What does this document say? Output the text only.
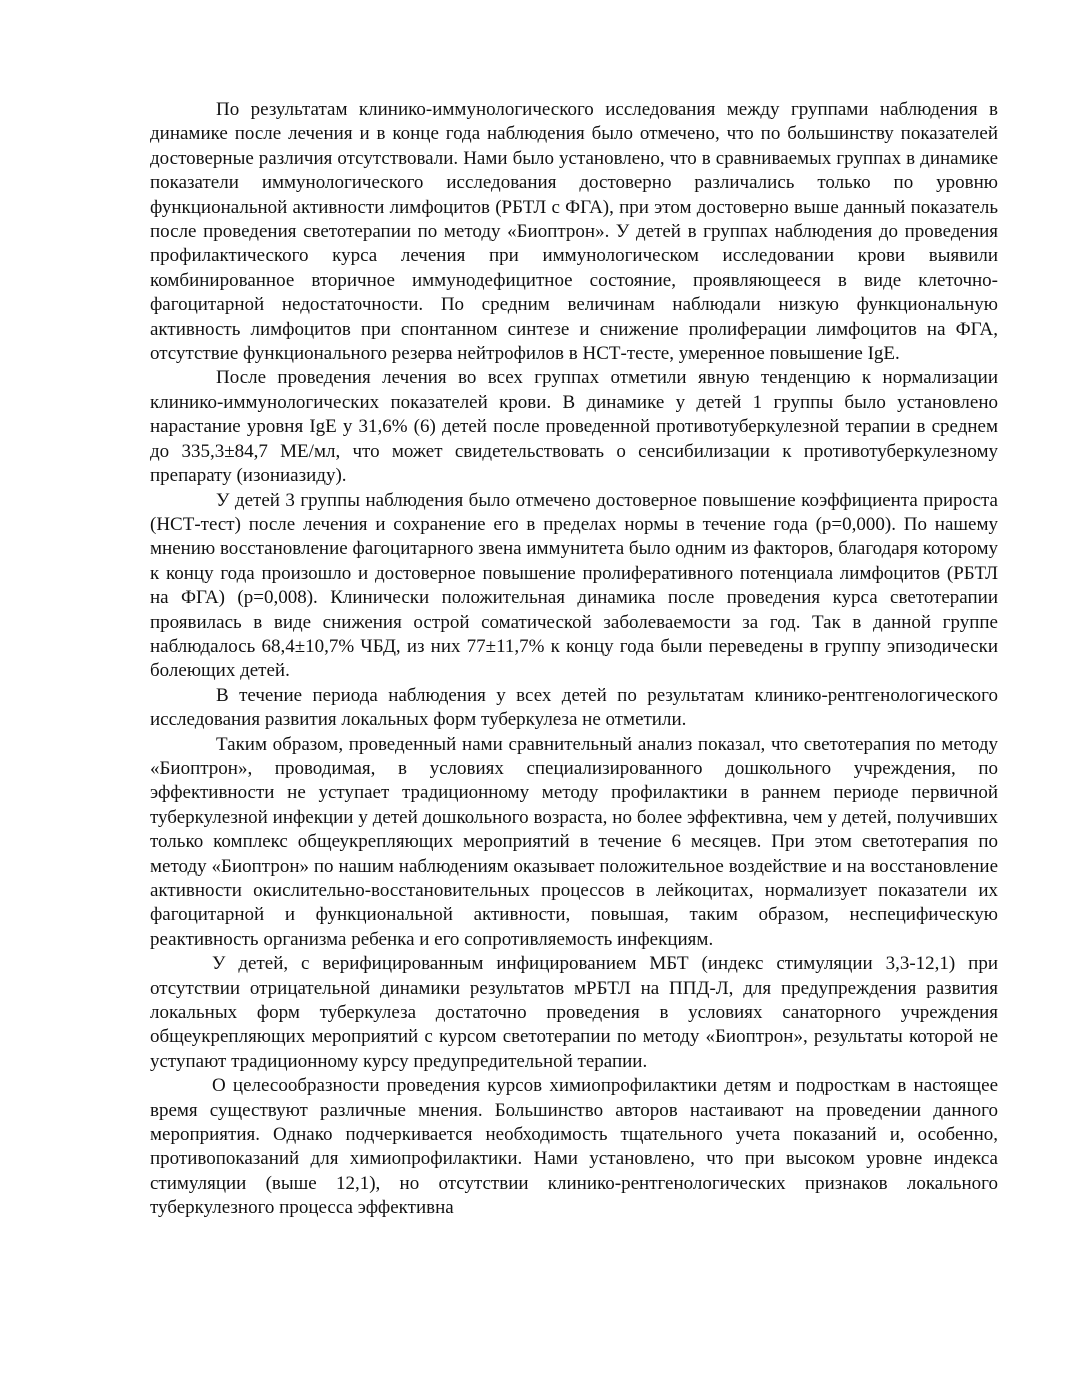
По результатам клинико-иммунологического исследования между группами наблюдения в динамике после лечения и в конце года наблюдения было отмечено, что по большинству показателей достоверные различия отсутствовали. Нами было установлено, что в сравниваемых группах в динамике показатели иммунологического исследования достоверно различались только по уровню функциональной активности лимфоцитов (РБТЛ с ФГА), при этом достоверно выше данный показатель после проведения светотерапии по методу «Биоптрон». У детей в группах наблюдения до проведения профилактического курса лечения при иммунологическом исследовании крови выявили комбинированное вторичное иммунодефицитное состояние, проявляющееся в виде клеточно-фагоцитарной недостаточности. По средним величинам наблюдали низкую функциональную активность лимфоцитов при спонтанном синтезе и снижение пролиферации лимфоцитов на ФГА, отсутствие функционального резерва нейтрофилов в НСТ-тесте, умеренное повышение IgE.

После проведения лечения во всех группах отметили явную тенденцию к нормализации клинико-иммунологических показателей крови. В динамике у детей 1 группы было установлено нарастание уровня IgE у 31,6% (6) детей после проведенной противотуберкулезной терапии в среднем до 335,3±84,7 МЕ/мл, что может свидетельствовать о сенсибилизации к противотуберкулезному препарату (изониазиду).

У детей 3 группы наблюдения было отмечено достоверное повышение коэффициента прироста (НСТ-тест) после лечения и сохранение его в пределах нормы в течение года (р=0,000). По нашему мнению восстановление фагоцитарного звена иммунитета было одним из факторов, благодаря которому к концу года произошло и достоверное повышение пролиферативного потенциала лимфоцитов (РБТЛ на ФГА) (р=0,008). Клинически положительная динамика после проведения курса светотерапии проявилась в виде снижения острой соматической заболеваемости за год. Так в данной группе наблюдалось 68,4±10,7% ЧБД, из них 77±11,7% к концу года были переведены в группу эпизодически болеющих детей.

В течение периода наблюдения у всех детей по результатам клинико-рентгенологического исследования развития локальных форм туберкулеза не отметили.

Таким образом, проведенный нами сравнительный анализ показал, что светотерапия по методу «Биоптрон», проводимая, в условиях специализированного дошкольного учреждения, по эффективности не уступает традиционному методу профилактики в раннем периоде первичной туберкулезной инфекции у детей дошкольного возраста, но более эффективна, чем у детей, получивших только комплекс общеукрепляющих мероприятий в течение 6 месяцев. При этом светотерапия по методу «Биоптрон» по нашим наблюдениям оказывает положительное воздействие и на восстановление активности окислительно-восстановительных процессов в лейкоцитах, нормализует показатели их фагоцитарной и функциональной активности, повышая, таким образом, неспецифическую реактивность организма ребенка и его сопротивляемость инфекциям.

У детей, с верифицированным инфицированием МБТ (индекс стимуляции 3,3-12,1) при отсутствии отрицательной динамики результатов мРБТЛ на ППД-Л, для предупреждения развития локальных форм туберкулеза достаточно проведения в условиях санаторного учреждения общеукрепляющих мероприятий с курсом светотерапии по методу «Биоптрон», результаты которой не уступают традиционному курсу предупредительной терапии.

О целесообразности проведения курсов химиопрофилактики детям и подросткам в настоящее время существуют различные мнения. Большинство авторов настаивают на проведении данного мероприятия. Однако подчеркивается необходимость тщательного учета показаний и, особенно, противопоказаний для химиопрофилактики. Нами установлено, что при высоком уровне индекса стимуляции (выше 12,1), но отсутствии клинико-рентгенологических признаков локального туберкулезного процесса эффективна
